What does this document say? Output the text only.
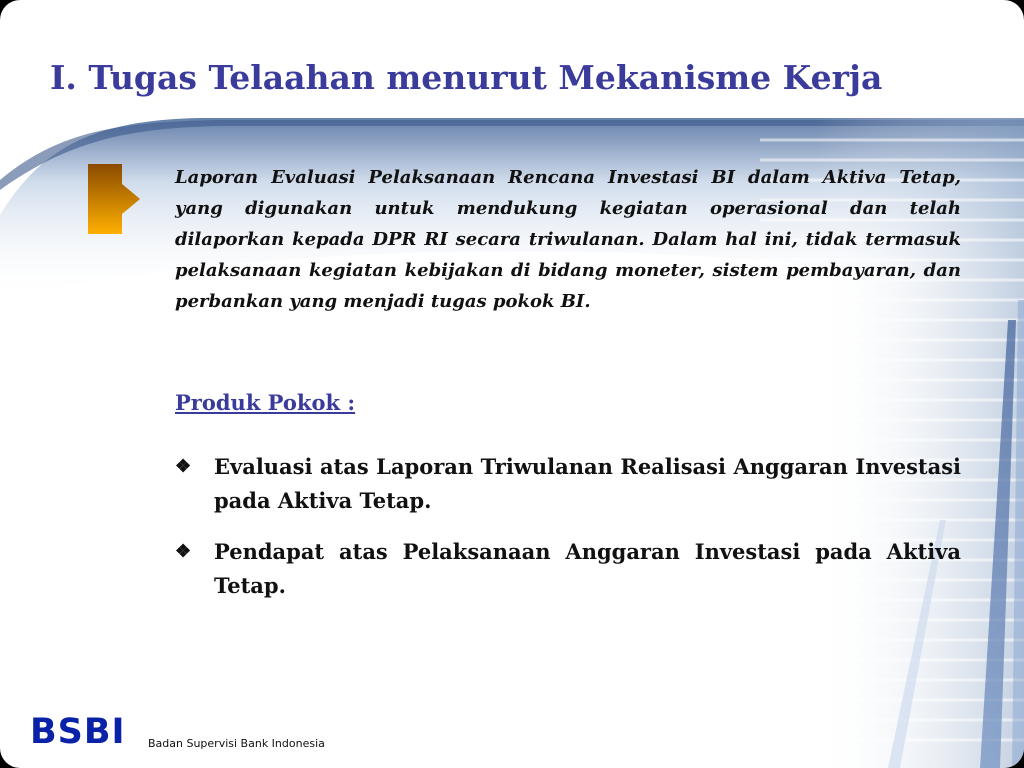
I. Tugas Telaahan menurut Mekanisme Kerja

Laporan Evaluasi Pelaksanaan Rencana Investasi BI dalam Aktiva Tetap, yang digunakan untuk mendukung kegiatan operasional dan telah dilaporkan kepada DPR RI secara triwulanan. Dalam hal ini, tidak termasuk pelaksanaan kegiatan kebijakan di bidang moneter, sistem pembayaran, dan perbankan yang menjadi tugas pokok BI.

Produk Pokok :
❖ Evaluasi atas Laporan Triwulanan Realisasi Anggaran Investasi pada Aktiva Tetap.
❖ Pendapat atas Pelaksanaan Anggaran Investasi pada Aktiva Tetap.
BSBI Badan Supervisi Bank Indonesia
